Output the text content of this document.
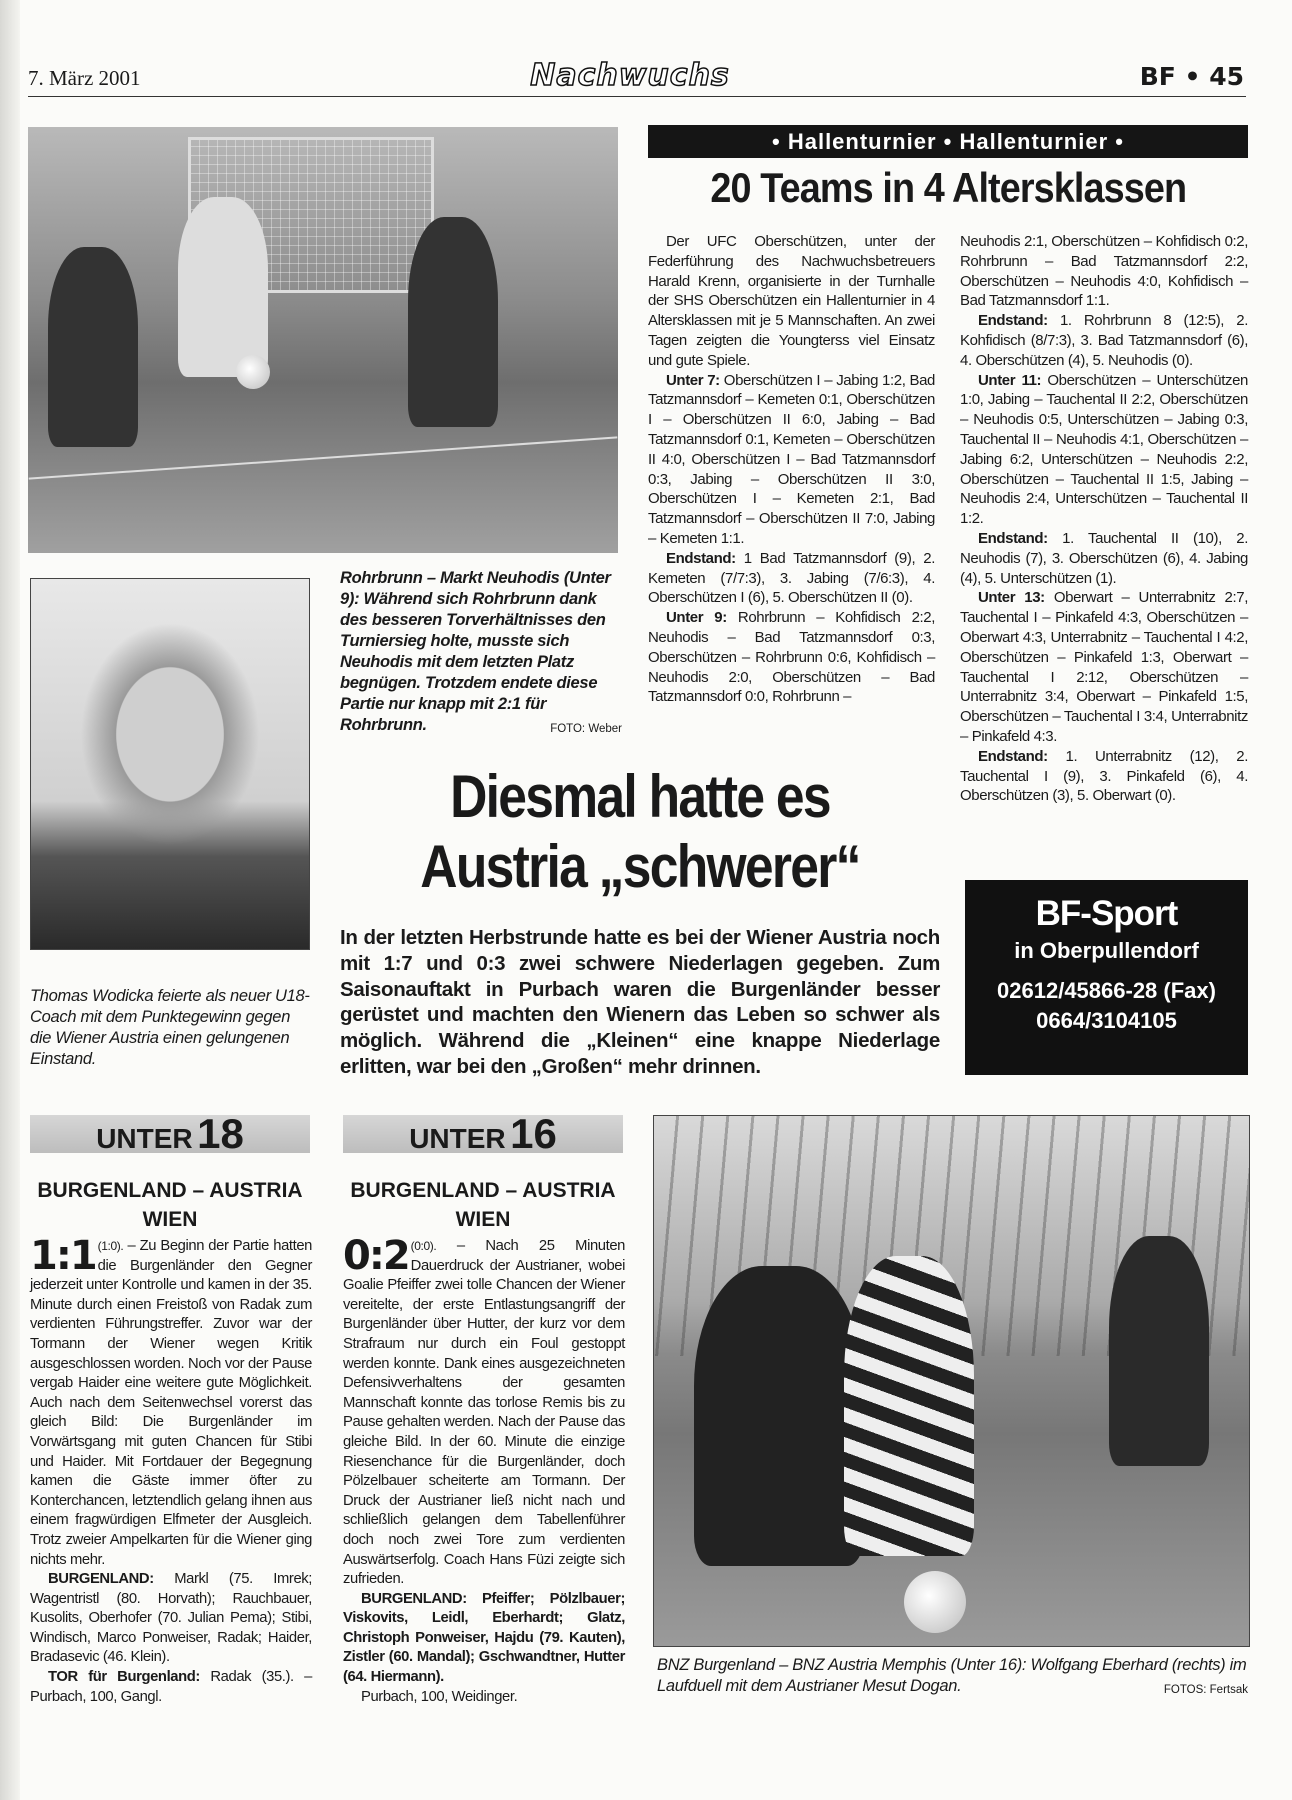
7. März 2001	Nachwuchs	BF • 45
• Hallenturnier • Hallenturnier •
20 Teams in 4 Altersklassen

Der UFC Oberschützen, unter der Federführung des Nachwuchsbetreuers Harald Krenn, organisierte in der Turnhalle der SHS Oberschützen ein Hallenturnier in 4 Altersklassen mit je 5 Mannschaften. An zwei Tagen zeigten die Youngterss viel Einsatz und gute Spiele.

Unter 7: Oberschützen I – Jabing 1:2, Bad Tatzmannsdorf – Kemeten 0:1, Oberschützen I – Oberschützen II 6:0, Jabing – Bad Tatzmannsdorf 0:1, Kemeten – Oberschützen II 4:0, Oberschützen I – Bad Tatzmannsdorf 0:3, Jabing – Oberschützen II 3:0, Oberschützen I – Kemeten 2:1, Bad Tatzmannsdorf – Oberschützen II 7:0, Jabing – Kemeten 1:1.

Endstand: 1 Bad Tatzmannsdorf (9), 2. Kemeten (7/7:3), 3. Jabing (7/6:3), 4. Oberschützen I (6), 5. Oberschützen II (0).

Unter 9: Rohrbrunn – Kohfidisch 2:2, Neuhodis – Bad Tatzmannsdorf 0:3, Oberschützen – Rohrbrunn 0:6, Kohfidisch – Neuhodis 2:0, Oberschützen – Bad Tatzmannsdorf 0:0, Rohrbrunn –

Neuhodis 2:1, Oberschützen – Kohfidisch 0:2, Rohrbrunn – Bad Tatzmannsdorf 2:2, Oberschützen – Neuhodis 4:0, Kohfidisch – Bad Tatzmannsdorf 1:1.

Endstand: 1. Rohrbrunn 8 (12:5), 2. Kohfidisch (8/7:3), 3. Bad Tatzmannsdorf (6), 4. Oberschützen (4), 5. Neuhodis (0).

Unter 11: Oberschützen – Unterschützen 1:0, Jabing – Tauchental II 2:2, Oberschützen – Neuhodis 0:5, Unterschützen – Jabing 0:3, Tauchental II – Neuhodis 4:1, Oberschützen – Jabing 6:2, Unterschützen – Neuhodis 2:2, Oberschützen – Tauchental II 1:5, Jabing – Neuhodis 2:4, Unterschützen – Tauchental II 1:2.

Endstand: 1. Tauchental II (10), 2. Neuhodis (7), 3. Oberschützen (6), 4. Jabing (4), 5. Unterschützen (1).

Unter 13: Oberwart – Unterrabnitz 2:7, Tauchental I – Pinkafeld 4:3, Oberschützen – Oberwart 4:3, Unterrabnitz – Tauchental I 4:2, Oberschützen – Pinkafeld 1:3, Oberwart – Tauchental I 2:12, Oberschützen – Unterrabnitz 3:4, Oberwart – Pinkafeld 1:5, Oberschützen – Tauchental I 3:4, Unterrabnitz – Pinkafeld 4:3.

Endstand: 1. Unterrabnitz (12), 2. Tauchental I (9), 3. Pinkafeld (6), 4. Oberschützen (3), 5. Oberwart (0).

Rohrbrunn – Markt Neuhodis (Unter 9): Während sich Rohrbrunn dank des besseren Torverhältnisses den Turniersieg holte, musste sich Neuhodis mit dem letzten Platz begnügen. Trotzdem endete diese Partie nur knapp mit 2:1 für Rohrbrunn.	FOTO: Weber
Thomas Wodicka feierte als neuer U18-Coach mit dem Punktegewinn gegen die Wiener Austria einen gelungenen Einstand.
Diesmal hatte es
Austria „schwerer“
In der letzten Herbstrunde hatte es bei der Wiener Austria noch mit 1:7 und 0:3 zwei schwere Niederlagen gegeben. Zum Saisonauftakt in Purbach waren die Burgenländer besser gerüstet und machten den Wienern das Leben so schwer als möglich. Während die „Kleinen“ eine knappe Niederlage erlitten, war bei den „Großen“ mehr drinnen.
BF-Sport
in Oberpullendorf
02612/45866-28 (Fax)
0664/3104105
UNTER 18	UNTER 16
BURGENLAND – AUSTRIA WIEN
BURGENLAND – AUSTRIA WIEN

1:1 $^{(1:0).}$ – Zu Beginn der Partie hatten die Burgenländer den Gegner jederzeit unter Kontrolle und kamen in der 35. Minute durch einen Freistoß von Radak zum verdienten Führungstreffer. Zuvor war der Tormann der Wiener wegen Kritik ausgeschlossen worden. Noch vor der Pause vergab Haider eine weitere gute Möglichkeit. Auch nach dem Seitenwechsel vorerst das gleich Bild: Die Burgenländer im Vorwärtsgang mit guten Chancen für Stibi und Haider. Mit Fortdauer der Begegnung kamen die Gäste immer öfter zu Konterchancen, letztendlich gelang ihnen aus einem fragwürdigen Elfmeter der Ausgleich. Trotz zweier Ampelkarten für die Wiener ging nichts mehr.

BURGENLAND: Markl (75. Imrek; Wagentristl (80. Horvath); Rauchbauer, Kusolits, Oberhofer (70. Julian Pema); Stibi, Windisch, Marco Ponweiser, Radak; Haider, Bradasevic (46. Klein).

TOR für Burgenland: Radak (35.). – Purbach, 100, Gangl.

0:2 $^{(0:0).}$ – Nach 25 Minuten Dauerdruck der Austrianer, wobei Goalie Pfeiffer zwei tolle Chancen der Wiener vereitelte, der erste Entlastungsangriff der Burgenländer über Hutter, der kurz vor dem Strafraum nur durch ein Foul gestoppt werden konnte. Dank eines ausgezeichneten Defensivverhaltens der gesamten Mannschaft konnte das torlose Remis bis zu Pause gehalten werden. Nach der Pause das gleiche Bild. In der 60. Minute die einzige Riesenchance für die Burgenländer, doch Pölzelbauer scheiterte am Tormann. Der Druck der Austrianer ließ nicht nach und schließlich gelangen dem Tabellenführer doch noch zwei Tore zum verdienten Auswärtserfolg. Coach Hans Füzi zeigte sich zufrieden.

BURGENLAND: Pfeiffer; Pölzlbauer; Viskovits, Leidl, Eberhardt; Glatz, Christoph Ponweiser, Hajdu (79. Kauten), Zistler (60. Mandal); Gschwandtner, Hutter (64. Hiermann).

Purbach, 100, Weidinger.

BNZ Burgenland – BNZ Austria Memphis (Unter 16): Wolfgang Eberhard (rechts) im Laufduell mit dem Austrianer Mesut Dogan.	FOTOS: Fertsak
